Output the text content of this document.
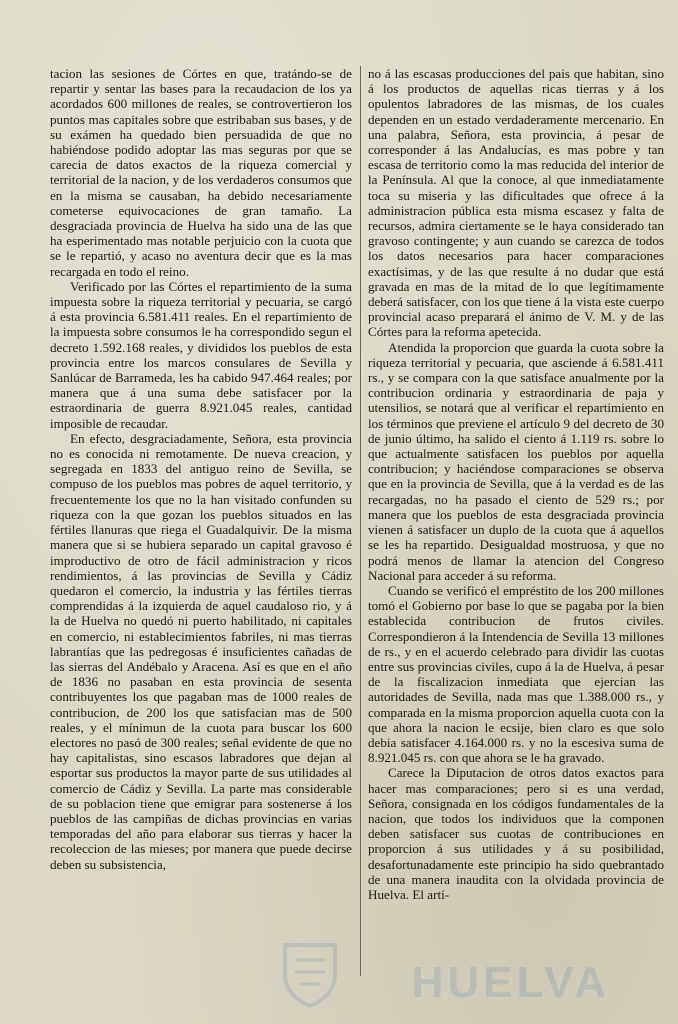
tacion las sesiones de Córtes en que, tratándo-se de repartir y sentar las bases para la recaudacion de los ya acordados 600 millones de reales, se controvertieron los puntos mas capitales sobre que estribaban sus bases, y de su exámen ha quedado bien persuadida de que no habiéndose podido adoptar las mas seguras por que se carecia de datos exactos de la riqueza comercial y territorial de la nacion, y de los verdaderos consumos que en la misma se causaban, ha debido necesariamente cometerse equivocaciones de gran tamaño. La desgraciada provincia de Huelva ha sido una de las que ha esperimentado mas notable perjuicio con la cuota que se le repartió, y acaso no aventura decir que es la mas recargada en todo el reino.

Verificado por las Córtes el repartimiento de la suma impuesta sobre la riqueza territorial y pecuaria, se cargó á esta provincia 6.581.411 reales. En el repartimiento de la impuesta sobre consumos le ha correspondido segun el decreto 1.592.168 reales, y divididos los pueblos de esta provincia entre los marcos consulares de Sevilla y Sanlúcar de Barrameda, les ha cabido 947.464 reales; por manera que á una suma debe satisfacer por la estraordinaria de guerra 8.921.045 reales, cantidad imposible de recaudar.

En efecto, desgraciadamente, Señora, esta provincia no es conocida ni remotamente. De nueva creacion, y segregada en 1833 del antiguo reino de Sevilla, se compuso de los pueblos mas pobres de aquel territorio, y frecuentemente los que no la han visitado confunden su riqueza con la que gozan los pueblos situados en las fértiles llanuras que riega el Guadalquivir. De la misma manera que si se hubiera separado un capital gravoso é improductivo de otro de fácil administracion y ricos rendimientos, á las provincias de Sevilla y Cádiz quedaron el comercio, la industria y las fértiles tierras comprendidas á la izquierda de aquel caudaloso rio, y á la de Huelva no quedó ni puerto habilitado, ni capitales en comercio, ni establecimientos fabriles, ni mas tierras labrantías que las pedregosas é insuficientes cañadas de las sierras del Andébalo y Aracena. Así es que en el año de 1836 no pasaban en esta provincia de sesenta contribuyentes los que pagaban mas de 1000 reales de contribucion, de 200 los que satisfacian mas de 500 reales, y el mínimun de la cuota para buscar los 600 electores no pasó de 300 reales; señal evidente de que no hay capitalistas, sino escasos labradores que dejan al esportar sus productos la mayor parte de sus utilidades al comercio de Cádiz y Sevilla. La parte mas considerable de su poblacion tiene que emigrar para sostenerse á los pueblos de las campiñas de dichas provincias en varias temporadas del año para elaborar sus tierras y hacer la recoleccion de las mieses; por manera que puede decirse deben su subsistencia,

no á las escasas producciones del pais que habitan, sino á los productos de aquellas ricas tierras y á los opulentos labradores de las mismas, de los cuales dependen en un estado verdaderamente mercenario. En una palabra, Señora, esta provincia, á pesar de corresponder á las Andalucías, es mas pobre y tan escasa de territorio como la mas reducida del interior de la Península. Al que la conoce, al que inmediatamente toca su miseria y las dificultades que ofrece á la administracion pública esta misma escasez y falta de recursos, admira ciertamente se le haya considerado tan gravoso contingente; y aun cuando se carezca de todos los datos necesarios para hacer comparaciones exactísimas, y de las que resulte á no dudar que está gravada en mas de la mitad de lo que legítimamente deberá satisfacer, con los que tiene á la vista este cuerpo provincial acaso preparará el ánimo de V. M. y de las Córtes para la reforma apetecida.

Atendida la proporcion que guarda la cuota sobre la riqueza territorial y pecuaria, que asciende á 6.581.411 rs., y se compara con la que satisface anualmente por la contribucion ordinaria y estraordinaria de paja y utensilios, se notará que al verificar el repartimiento en los términos que previene el artículo 9 del decreto de 30 de junio último, ha salido el ciento á 1.119 rs. sobre lo que actualmente satisfacen los pueblos por aquella contribucion; y haciéndose comparaciones se observa que en la provincia de Sevilla, que á la verdad es de las recargadas, no ha pasado el ciento de 529 rs.; por manera que los pueblos de esta desgraciada provincia vienen á satisfacer un duplo de la cuota que á aquellos se les ha repartido. Desigualdad mostruosa, y que no podrá menos de llamar la atencion del Congreso Nacional para acceder á su reforma.

Cuando se verificó el empréstito de los 200 millones tomó el Gobierno por base lo que se pagaba por la bien establecida contribucion de frutos civiles. Correspondieron á la Intendencia de Sevilla 13 millones de rs., y en el acuerdo celebrado para dividir las cuotas entre sus provincias civiles, cupo á la de Huelva, á pesar de la fiscalizacion inmediata que ejercian las autoridades de Sevilla, nada mas que 1.388.000 rs., y comparada en la misma proporcion aquella cuota con la que ahora la nacion le ecsije, bien claro es que solo debia satisfacer 4.164.000 rs. y no la escesiva suma de 8.921.045 rs. con que ahora se le ha gravado.

Carece la Diputacion de otros datos exactos para hacer mas comparaciones; pero si es una verdad, Señora, consignada en los códigos fundamentales de la nacion, que todos los individuos que la componen deben satisfacer sus cuotas de contribuciones en proporcion á sus utilidades y á su posibilidad, desafortunadamente este principio ha sido quebrantado de una manera inaudita con la olvidada provincia de Huelva. El artí-

HUELVA
